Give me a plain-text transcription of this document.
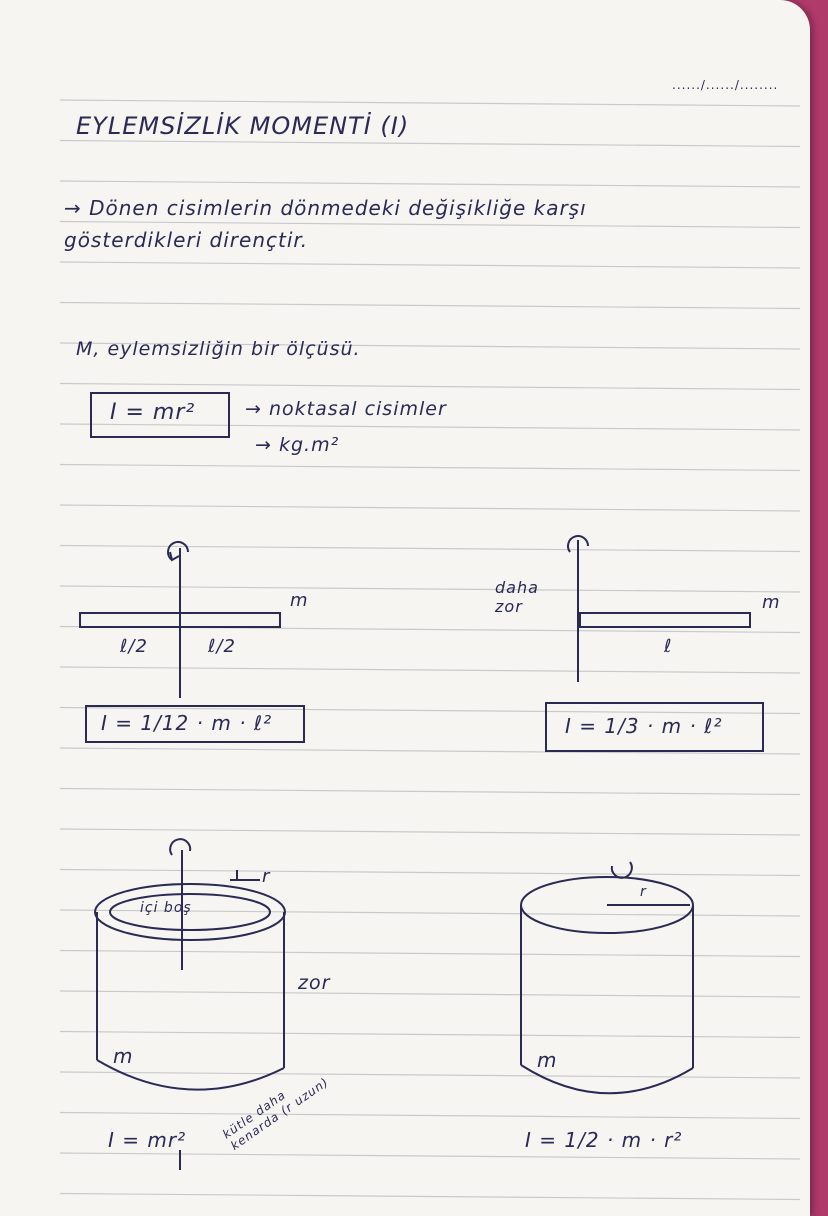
....../....../........
EYLEMSİZLİK MOMENTİ (I)
→ Dönen cisimlerin dönmedeki değişikliğe karşı
gösterdikleri dirençtir.
M, eylemsizliğin bir ölçüsü.
I = mr²	→ noktasal cisimler
→ kg.m²
m
ℓ/2	ℓ/2
I = 1/12 · m · ℓ²
daha zor	m
ℓ
I = 1/3 · m · ℓ²
içi boş
r
zor
m
I = mr²	kütle daha kenarda (r uzun)
r
m
I = 1/2 · m · r²
